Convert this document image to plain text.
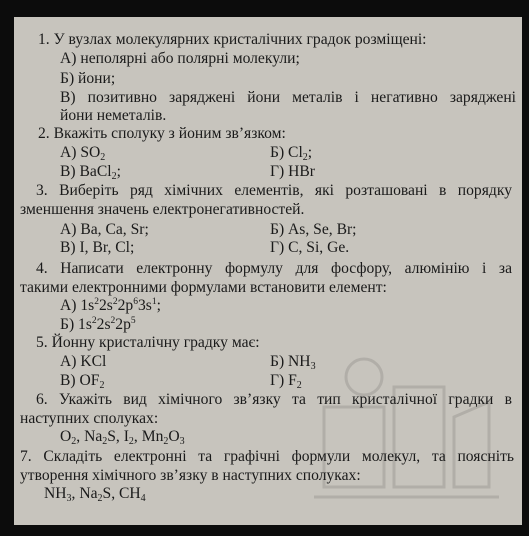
1. У вузлах молекулярних кристалічних градок розміщені:
А) неполярні або полярні молекули;
Б) йони;
В) позитивно заряджені йони металів і негативно заряджені
йони неметалів.
2. Вкажіть сполуку з йоним зв’язком:
А) $SO_2$	Б) $Cl_2$;
В) BaCl$_2$;	Г) HBr
3. Виберіть ряд хімічних елементів, які розташовані в порядку
зменшення значень електронегативностей.
А) Ba, Ca, Sr;	Б) As, Se, Br;
В) I, Br, Cl;	Г) C, Si, Ge.
4. Написати електронну формулу для фосфору, алюмінію і за
такими електронними формулами встановити елемент:
А) $1s^22s^22p^63s^1$;
Б) $1s^22s^22p^5$
5. Йонну кристалічну градку має:
А) KCl	Б) $NH_3$
В) $OF_2$	Г) $F_2$
6. Укажіть вид хімічного зв’язку та тип кристалічної градки в
наступних сполуках:
$O_2$, $Na_2S$, $I_2$, $Mn_2O_3$
7. Складіть електронні та графічні формули молекул, та поясніть
утворення хімічного зв’язку в наступних сполуках:
$NH_3$, $Na_2S$, $CH_4$
